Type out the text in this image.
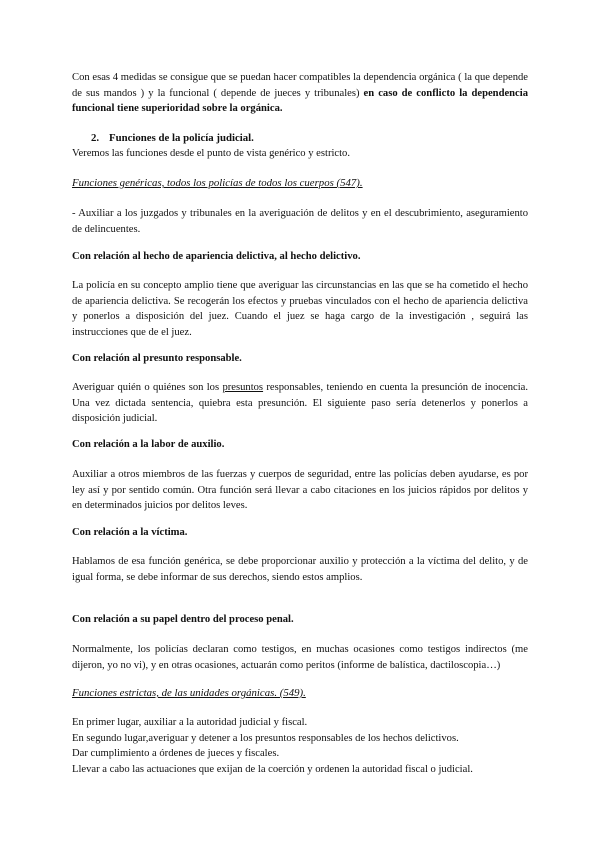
Con esas 4 medidas se consigue que se puedan hacer compatibles la dependencia orgánica ( la que depende de sus mandos ) y la funcional ( depende de jueces y tribunales) en caso de conflicto la dependencia funcional tiene superioridad sobre la orgánica.

2. Funciones de la policía judicial.

Veremos las funciones desde el punto de vista genérico y estricto.

Funciones genéricas, todos los policías de todos los cuerpos (547).

- Auxiliar a los juzgados y tribunales en la averiguación de delitos y en el descubrimiento, aseguramiento de delincuentes.

Con relación al hecho de apariencia delictiva, al hecho delictivo.

La policía en su concepto amplio tiene que averiguar las circunstancias en las que se ha cometido el hecho de apariencia delictiva. Se recogerán los efectos y pruebas vinculados con el hecho de apariencia delictiva y ponerlos a disposición del juez. Cuando el juez se haga cargo de la investigación , seguirá las instrucciones que de el juez.

Con relación al presunto responsable.

Averiguar quién o quiénes son los presuntos responsables, teniendo en cuenta la presunción de inocencia. Una vez dictada sentencia, quiebra esta presunción. El siguiente paso sería detenerlos y ponerlos a disposición judicial.

Con relación a la labor de auxilio.

Auxiliar a otros miembros de las fuerzas y cuerpos de seguridad, entre las policías deben ayudarse, es por ley así y por sentido común. Otra función será llevar a cabo citaciones en los juicios rápidos por delitos y en determinados juicios por delitos leves.

Con relación a la víctima.

Hablamos de esa función genérica, se debe proporcionar auxilio y protección a la víctima del delito, y de igual forma, se debe informar de sus derechos, siendo estos amplios.

Con relación a su papel dentro del proceso penal.

Normalmente, los policías declaran como testigos, en muchas ocasiones como testigos indirectos (me dijeron, yo no vi), y en otras ocasiones, actuarán como peritos (informe de balística, dactiloscopia…)

Funciones estrictas, de las unidades orgánicas. (549).

En primer lugar, auxiliar a la autoridad judicial y fiscal.
En segundo lugar,averiguar y detener a los presuntos responsables de los hechos delictivos.
Dar cumplimiento a órdenes de jueces y fiscales.
Llevar a cabo las actuaciones que exijan de la coerción y ordenen la autoridad fiscal o judicial.
